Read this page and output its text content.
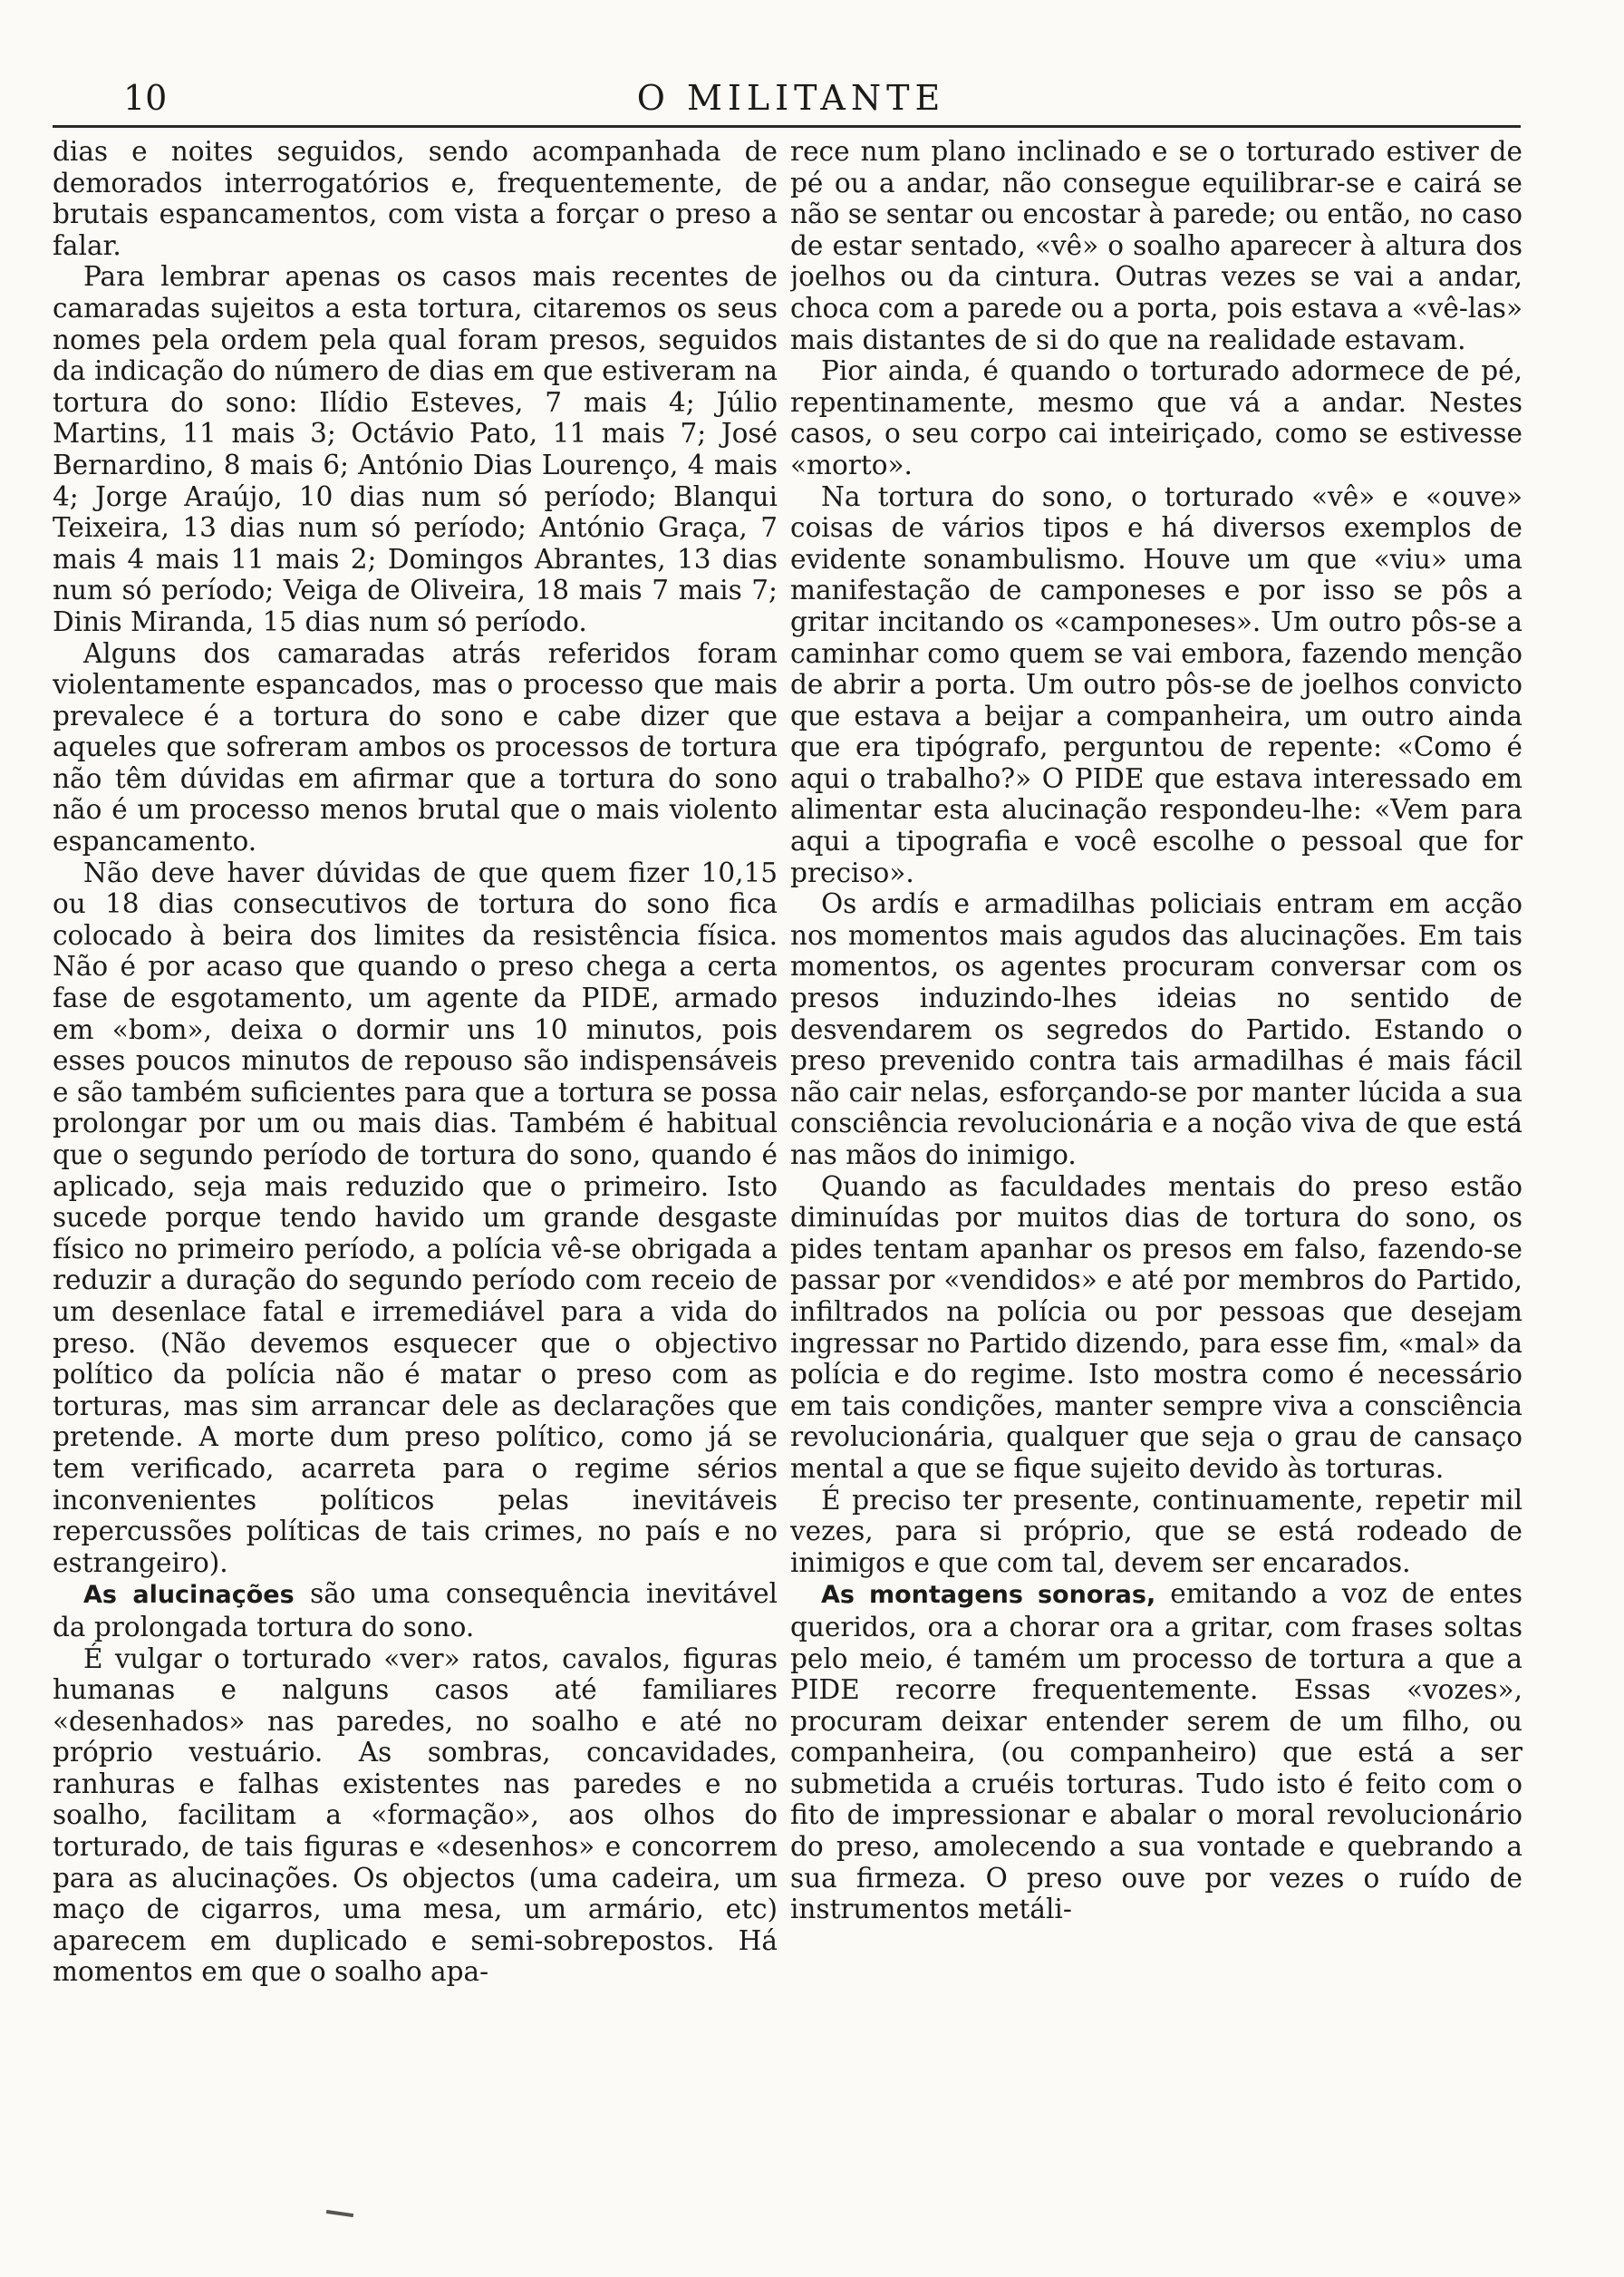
10	O MILITANTE

dias e noites seguidos, sendo acompanhada de demorados interrogatórios e, frequentemente, de brutais espancamentos, com vista a forçar o preso a falar.

Para lembrar apenas os casos mais recentes de camaradas sujeitos a esta tortura, citaremos os seus nomes pela ordem pela qual foram presos, seguidos da indicação do número de dias em que estiveram na tortura do sono: Ilídio Esteves, 7 mais 4; Júlio Martins, 11 mais 3; Octávio Pato, 11 mais 7; José Bernardino, 8 mais 6; António Dias Lourenço, 4 mais 4; Jorge Araújo, 10 dias num só período; Blanqui Teixeira, 13 dias num só período; António Graça, 7 mais 4 mais 11 mais 2; Domingos Abrantes, 13 dias num só período; Veiga de Oliveira, 18 mais 7 mais 7; Dinis Miranda, 15 dias num só período.

Alguns dos camaradas atrás referidos foram violentamente espancados, mas o processo que mais prevalece é a tortura do sono e cabe dizer que aqueles que sofreram ambos os processos de tortura não têm dúvidas em afirmar que a tortura do sono não é um processo menos brutal que o mais violento espancamento.

Não deve haver dúvidas de que quem fizer 10,15 ou 18 dias consecutivos de tortura do sono fica colocado à beira dos limites da resistência física. Não é por acaso que quando o preso chega a certa fase de esgotamento, um agente da PIDE, armado em «bom», deixa o dormir uns 10 minutos, pois esses poucos minutos de repouso são indispensáveis e são também suficientes para que a tortura se possa prolongar por um ou mais dias. Também é habitual que o segundo período de tortura do sono, quando é aplicado, seja mais reduzido que o primeiro. Isto sucede porque tendo havido um grande desgaste físico no primeiro período, a polícia vê-se obrigada a reduzir a duração do segundo período com receio de um desenlace fatal e irremediável para a vida do preso. (Não devemos esquecer que o objectivo político da polícia não é matar o preso com as torturas, mas sim arrancar dele as declarações que pretende. A morte dum preso político, como já se tem verificado, acarreta para o regime sérios inconvenientes políticos pelas inevitáveis repercussões políticas de tais crimes, no país e no estrangeiro).

As alucinações são uma consequência inevitável da prolongada tortura do sono.

É vulgar o torturado «ver» ratos, cavalos, figuras humanas e nalguns casos até familiares «desenhados» nas paredes, no soalho e até no próprio vestuário. As sombras, concavidades, ranhuras e falhas existentes nas paredes e no soalho, facilitam a «formação», aos olhos do torturado, de tais figuras e «desenhos» e concorrem para as alucinações. Os objectos (uma cadeira, um maço de cigarros, uma mesa, um armário, etc) aparecem em duplicado e semi-sobrepostos. Há momentos em que o soalho apa-

rece num plano inclinado e se o torturado estiver de pé ou a andar, não consegue equilibrar-se e cairá se não se sentar ou encostar à parede; ou então, no caso de estar sentado, «vê» o soalho aparecer à altura dos joelhos ou da cintura. Outras vezes se vai a andar, choca com a parede ou a porta, pois estava a «vê-las» mais distantes de si do que na realidade estavam.

Pior ainda, é quando o torturado adormece de pé, repentinamente, mesmo que vá a andar. Nestes casos, o seu corpo cai inteiriçado, como se estivesse «morto».

Na tortura do sono, o torturado «vê» e «ouve» coisas de vários tipos e há diversos exemplos de evidente sonambulismo. Houve um que «viu» uma manifestação de camponeses e por isso se pôs a gritar incitando os «camponeses». Um outro pôs-se a caminhar como quem se vai embora, fazendo menção de abrir a porta. Um outro pôs-se de joelhos convicto que estava a beijar a companheira, um outro ainda que era tipógrafo, perguntou de repente: «Como é aqui o trabalho?» O PIDE que estava interessado em alimentar esta alucinação respondeu-lhe: «Vem para aqui a tipografia e você escolhe o pessoal que for preciso».

Os ardís e armadilhas policiais entram em acção nos momentos mais agudos das alucinações. Em tais momentos, os agentes procuram conversar com os presos induzindo-lhes ideias no sentido de desvendarem os segredos do Partido. Estando o preso prevenido contra tais armadilhas é mais fácil não cair nelas, esforçando-se por manter lúcida a sua consciência revolucionária e a noção viva de que está nas mãos do inimigo.

Quando as faculdades mentais do preso estão diminuídas por muitos dias de tortura do sono, os pides tentam apanhar os presos em falso, fazendo-se passar por «vendidos» e até por membros do Partido, infiltrados na polícia ou por pessoas que desejam ingressar no Partido dizendo, para esse fim, «mal» da polícia e do regime. Isto mostra como é necessário em tais condições, manter sempre viva a consciência revolucionária, qualquer que seja o grau de cansaço mental a que se fique sujeito devido às torturas.

É preciso ter presente, continuamente, repetir mil vezes, para si próprio, que se está rodeado de inimigos e que com tal, devem ser encarados.

As montagens sonoras, emitando a voz de entes queridos, ora a chorar ora a gritar, com frases soltas pelo meio, é tamém um processo de tortura a que a PIDE recorre frequentemente. Essas «vozes», procuram deixar entender serem de um filho, ou companheira, (ou companheiro) que está a ser submetida a cruéis torturas. Tudo isto é feito com o fito de impressionar e abalar o moral revolucionário do preso, amolecendo a sua vontade e quebrando a sua firmeza. O preso ouve por vezes o ruído de instrumentos metáli-
